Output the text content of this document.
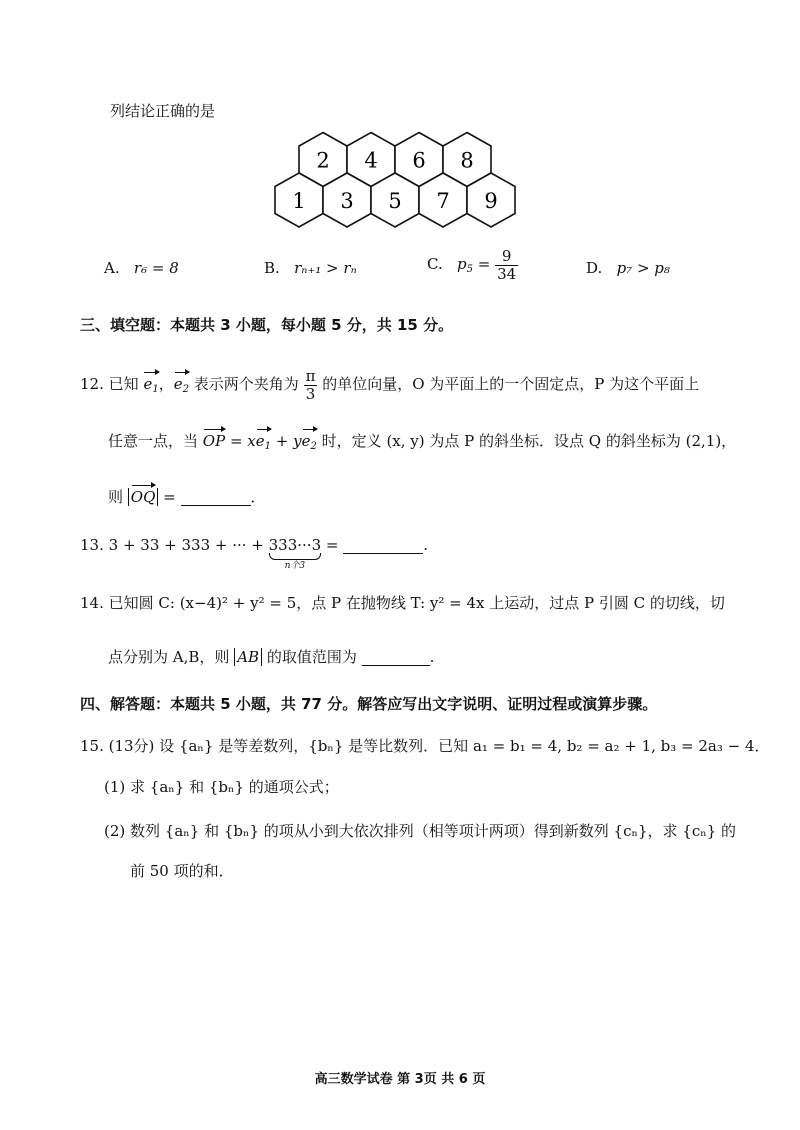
列结论正确的是
2 4 6 8
1 3 5 7 9
A. r₆ = 8	B. rₙ₊₁ > rₙ	C. $p_5 = \frac{9}{34}$	D. p₇ > p₈
三、填空题：本题共 3 小题，每小题 5 分，共 15 分。
12. 已知 $e_1$，$e_2$ 表示两个夹角为 $\frac{\pi}{3}$ 的单位向量，O 为平面上的一个固定点，P 为这个平面上
任意一点，当 OP = $xe_1 + ye_2$ 时，定义 (x, y) 为点 P 的斜坐标．设点 Q 的斜坐标为 (2,1)，
则 OQ =	．
13. 3 + 33 + 333 + ··· + 333···3
n个3
=	.
14. 已知圆 C: (x−4)² + y² = 5，点 P 在抛物线 T: y² = 4x 上运动，过点 P 引圆 C 的切线，切
点分别为 A,B，则 AB 的取值范围为	.
四、解答题：本题共 5 小题，共 77 分。解答应写出文字说明、证明过程或演算步骤。
15. (13分) 设 {aₙ} 是等差数列，{bₙ} 是等比数列．已知 a₁ = b₁ = 4, b₂ = a₂ + 1, b₃ = 2a₃ − 4．
(1) 求 {aₙ} 和 {bₙ} 的通项公式；
(2) 数列 {aₙ} 和 {bₙ} 的项从小到大依次排列（相等项计两项）得到新数列 {cₙ}，求 {cₙ} 的
前 50 项的和．
高三数学试卷 第 3页 共 6 页
